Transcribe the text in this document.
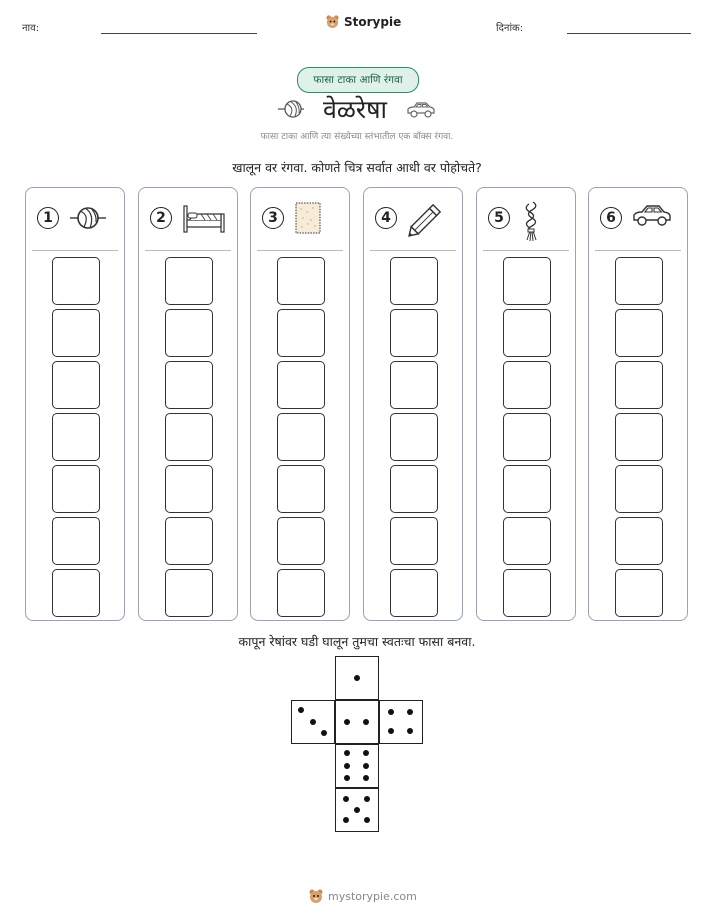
नाव:	Storypie	दिनांक:
फासा टाका आणि रंगवा
वेळरेषा
फासा टाका आणि त्या संख्येच्या स्तंभातील एक बॉक्स रंगवा.
खालून वर रंगवा. कोणते चित्र सर्वात आधी वर पोहोचते?
1	2	3	4	5	6
कापून रेषांवर घडी घालून तुमचा स्वतःचा फासा बनवा.
mystorypie.com
